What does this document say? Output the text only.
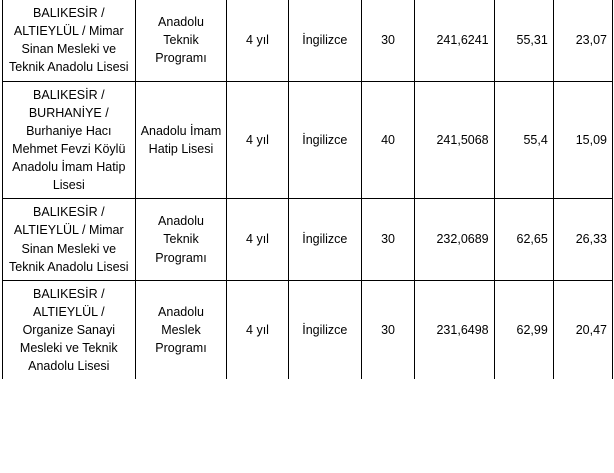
BALIKESİR / ALTIEYLÜL / Mimar Sinan Mesleki ve Teknik Anadolu Lisesi	Anadolu Teknik Programı	4 yıl	İngilizce	30	241,6241	55,31	23,07
BALIKESİR / BURHANİYE / Burhaniye Hacı Mehmet Fevzi Köylü Anadolu İmam Hatip Lisesi	Anadolu İmam Hatip Lisesi	4 yıl	İngilizce	40	241,5068	55,4	15,09
BALIKESİR / ALTIEYLÜL / Mimar Sinan Mesleki ve Teknik Anadolu Lisesi	Anadolu Teknik Programı	4 yıl	İngilizce	30	232,0689	62,65	26,33
BALIKESİR / ALTIEYLÜL / Organize Sanayi Mesleki ve Teknik Anadolu Lisesi	Anadolu Meslek Programı	4 yıl	İngilizce	30	231,6498	62,99	20,47
